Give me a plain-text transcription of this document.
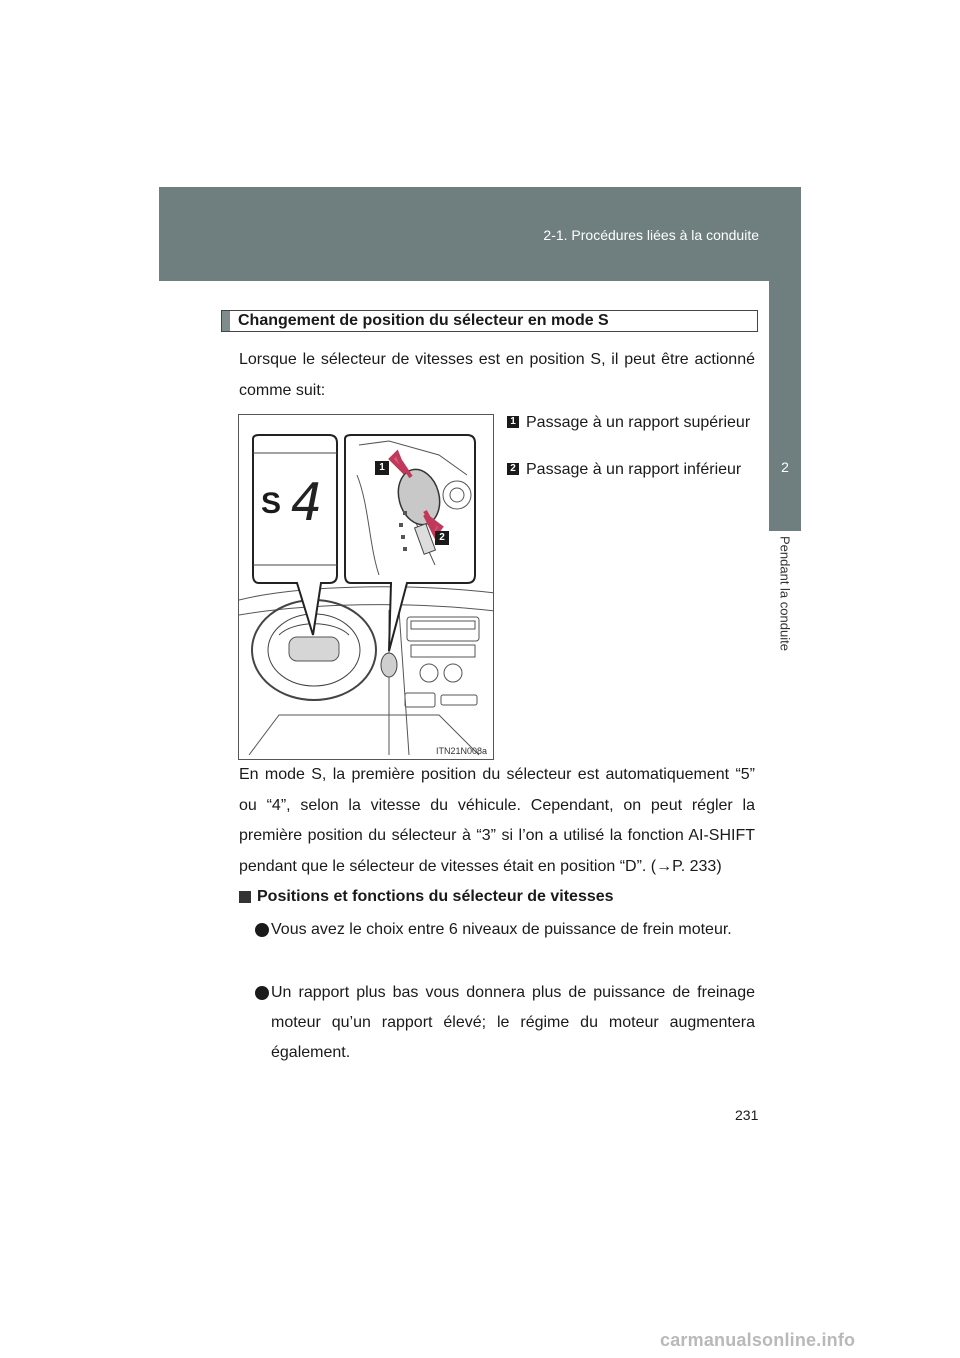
2-1. Procédures liées à la conduite
2
Pendant la conduite
Changement de position du sélecteur en mode S
Lorsque le sélecteur de vitesses est en position S, il peut être actionné comme suit:
S 4
1
2
ITN21N008a
1 Passage à un rapport supérieur
2 Passage à un rapport inférieur
En mode S, la première position du sélecteur est automatiquement “5” ou “4”, selon la vitesse du véhicule. Cependant, on peut régler la première position du sélecteur à “3” si l’on a utilisé la fonction AI-SHIFT pendant que le sélecteur de vitesses était en position “D”. (→P. 233)
Positions et fonctions du sélecteur de vitesses
Vous avez le choix entre 6 niveaux de puissance de frein moteur.
Un rapport plus bas vous donnera plus de puissance de freinage moteur qu’un rapport élevé; le régime du moteur augmentera également.
231
carmanualsonline.info
